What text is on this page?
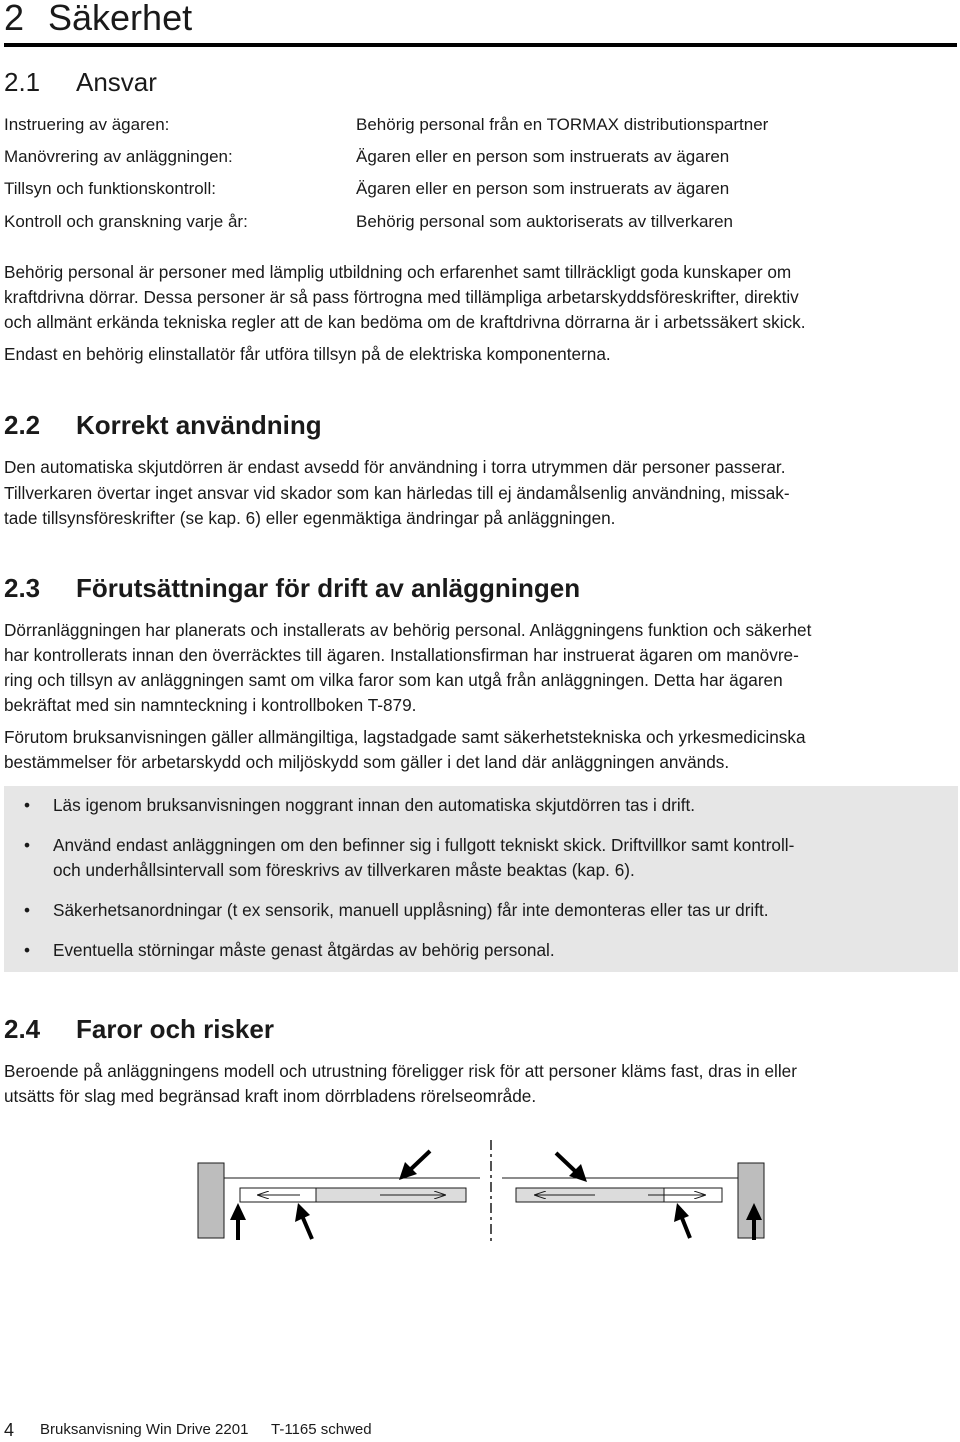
2 Säkerhet
2.1 Ansvar
Instruering av ägaren:	Behörig personal från en TORMAX distributionspartner
Manövrering av anläggningen:	Ägaren eller en person som instruerats av ägaren
Tillsyn och funktionskontroll:	Ägaren eller en person som instruerats av ägaren
Kontroll och granskning varje år:	Behörig personal som auktoriserats av tillverkaren

Behörig personal är personer med lämplig utbildning och erfarenhet samt tillräckligt goda kunskaper om

kraftdrivna dörrar. Dessa personer är så pass förtrogna med tillämpliga arbetarskyddsföreskrifter, direktiv

och allmänt erkända tekniska regler att de kan bedöma om de kraftdrivna dörrarna är i arbetssäkert skick.

Endast en behörig elinstallatör får utföra tillsyn på de elektriska komponenterna.

2.2 Korrekt användning

Den automatiska skjutdörren är endast avsedd för användning i torra utrymmen där personer passerar.

Tillverkaren övertar inget ansvar vid skador som kan härledas till ej ändamålsenlig användning, missak-

tade tillsynsföreskrifter (se kap. 6) eller egenmäktiga ändringar på anläggningen.

2.3 Förutsättningar för drift av anläggningen

Dörranläggningen har planerats och installerats av behörig personal. Anläggningens funktion och säkerhet

har kontrollerats innan den överräcktes till ägaren. Installationsfirman har instruerat ägaren om manövre-

ring och tillsyn av anläggningen samt om vilka faror som kan utgå från anläggningen. Detta har ägaren

bekräftat med sin namnteckning i kontrollboken T-879.

Förutom bruksanvisningen gäller allmängiltiga, lagstadgade samt säkerhetstekniska och yrkesmedicinska

bestämmelser för arbetarskydd och miljöskydd som gäller i det land där anläggningen används.

• Läs igenom bruksanvisningen noggrant innan den automatiska skjutdörren tas i drift.
• Använd endast anläggningen om den befinner sig i fullgott tekniskt skick. Driftvillkor samt kontroll-
och underhållsintervall som föreskrivs av tillverkaren måste beaktas (kap. 6).
• Säkerhetsanordningar (t ex sensorik, manuell upplåsning) får inte demonteras eller tas ur drift.
• Eventuella störningar måste genast åtgärdas av behörig personal.
2.4 Faror och risker

Beroende på anläggningens modell och utrustning föreligger risk för att personer kläms fast, dras in eller

utsätts för slag med begränsad kraft inom dörrbladens rörelseområde.

4 Bruksanvisning Win Drive 2201 T-1165 schwed
